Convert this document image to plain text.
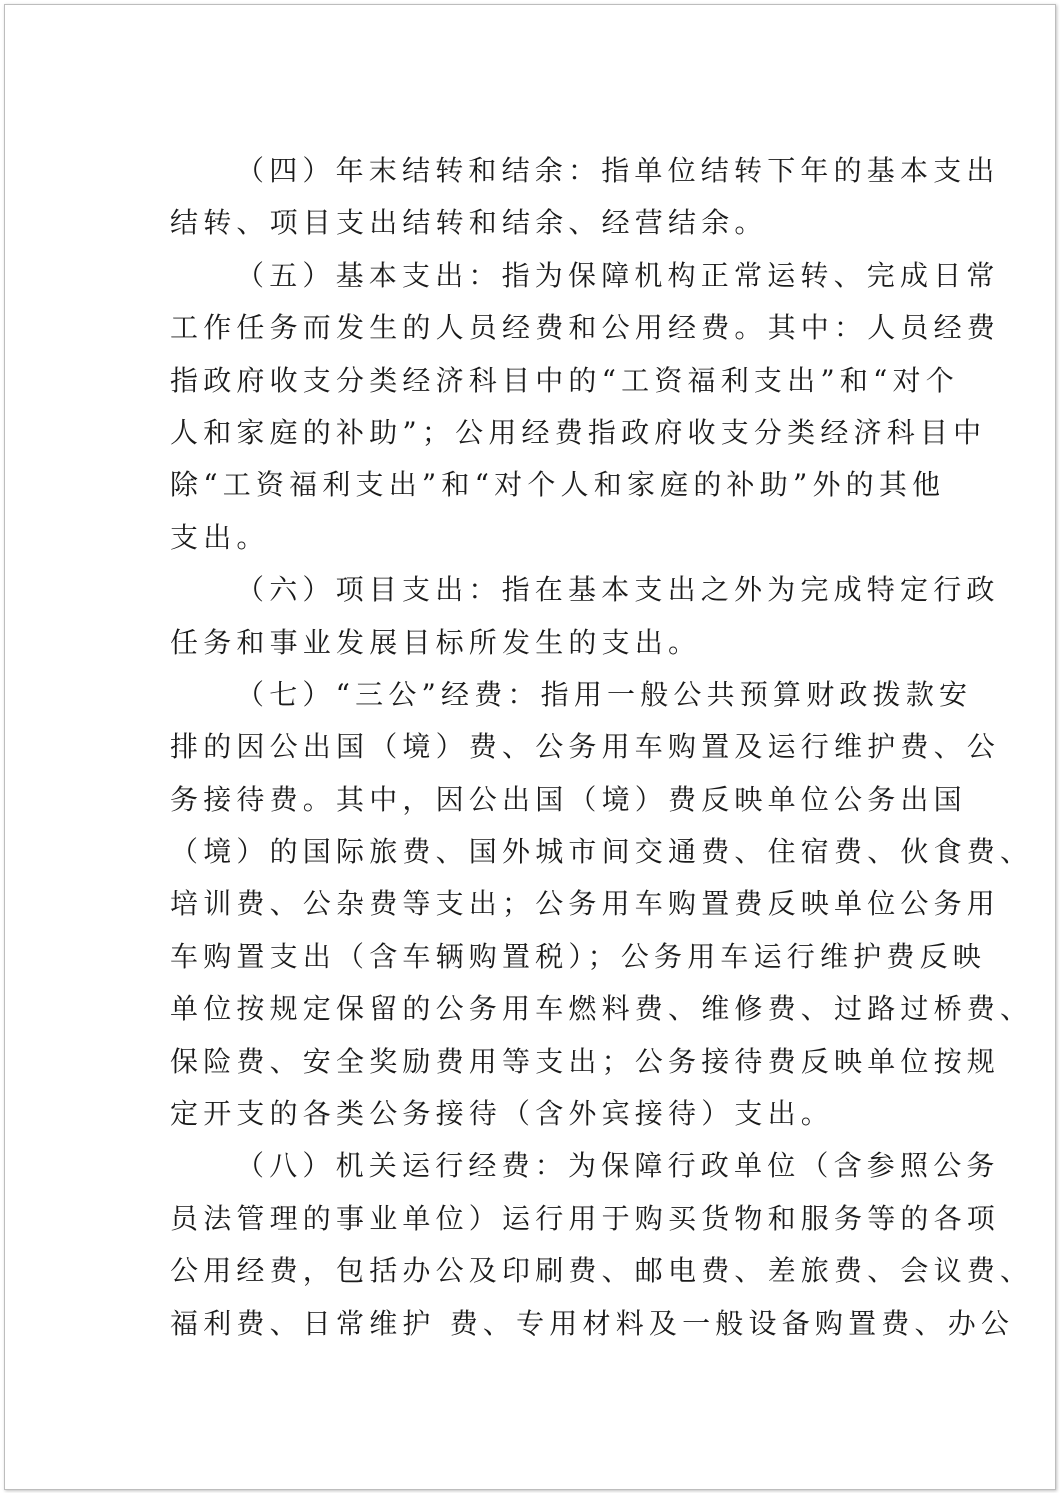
（四）年末结转和结余：指单位结转下年的基本支出
结转、项目支出结转和结余、经营结余。
（五）基本支出：指为保障机构正常运转、完成日常
工作任务而发生的人员经费和公用经费。其中：人员经费
指政府收支分类经济科目中的“工资福利支出”和“对个
人和家庭的补助”；公用经费指政府收支分类经济科目中
除“工资福利支出”和“对个人和家庭的补助”外的其他
支出。
（六）项目支出：指在基本支出之外为完成特定行政
任务和事业发展目标所发生的支出。
（七）“三公”经费：指用一般公共预算财政拨款安
排的因公出国（境）费、公务用车购置及运行维护费、公
务接待费。其中，因公出国（境）费反映单位公务出国
（境）的国际旅费、国外城市间交通费、住宿费、伙食费、
培训费、公杂费等支出；公务用车购置费反映单位公务用
车购置支出（含车辆购置税）；公务用车运行维护费反映
单位按规定保留的公务用车燃料费、维修费、过路过桥费、
保险费、安全奖励费用等支出；公务接待费反映单位按规
定开支的各类公务接待（含外宾接待）支出。
（八）机关运行经费：为保障行政单位（含参照公务
员法管理的事业单位）运行用于购买货物和服务等的各项
公用经费，包括办公及印刷费、邮电费、差旅费、会议费、
福利费、日常维护 费、专用材料及一般设备购置费、办公
